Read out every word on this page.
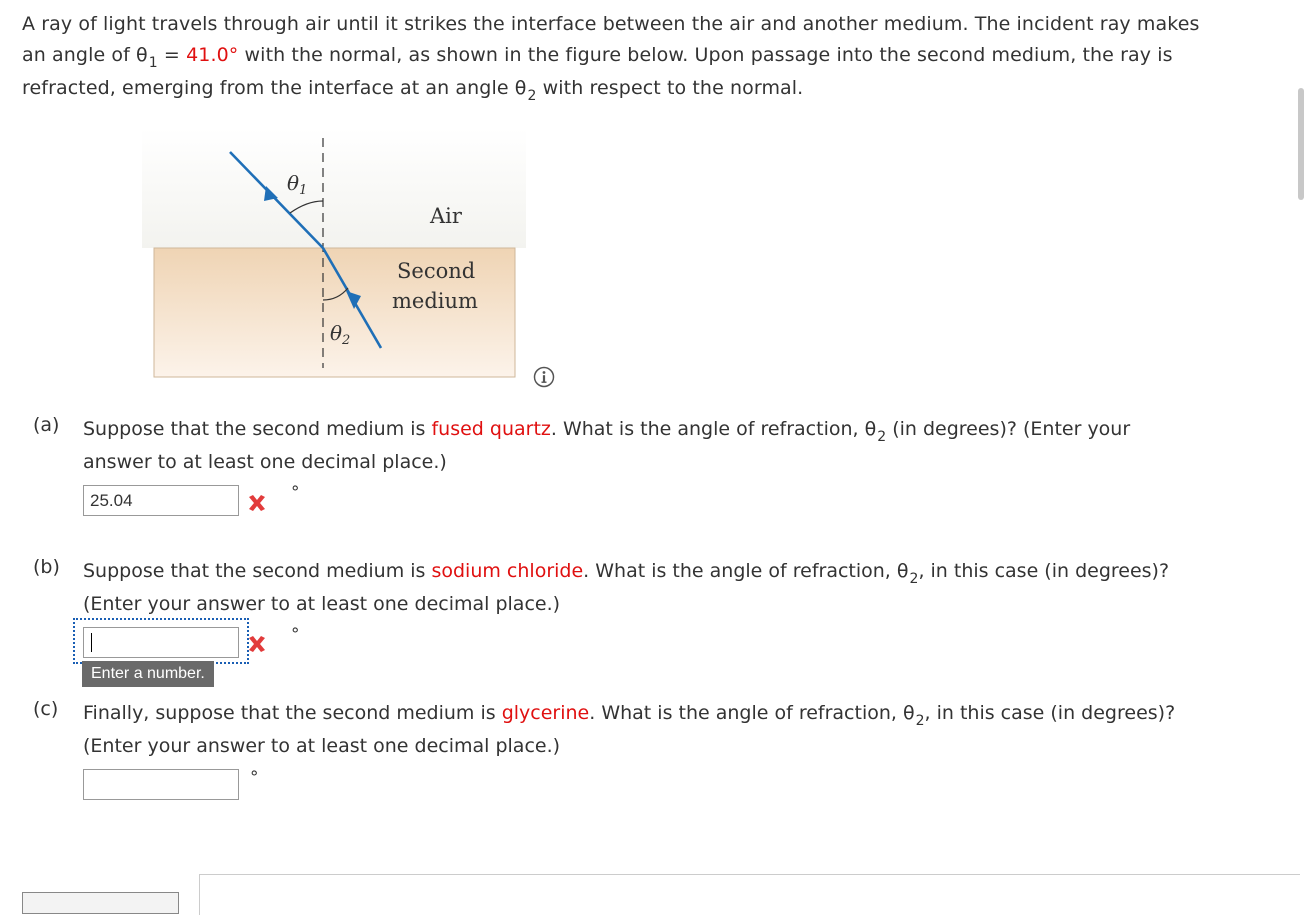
A ray of light travels through air until it strikes the interface between the air and another medium. The incident ray makes
an angle of $\theta_1 = 41.0^\circ$ with the normal, as shown in the figure below. Upon passage into the second medium, the ray is
refracted, emerging from the interface at an angle $\theta_2$ with respect to the normal.
$\theta_1$
$\theta_2$
Air
Second
medium
(a) Suppose that the second medium is fused quartz. What is the angle of refraction, $\theta_2$ (in degrees)? (Enter your
answer to at least one decimal place.)
25.04	°
(b) Suppose that the second medium is sodium chloride. What is the angle of refraction, $\theta_2$, in this case (in degrees)?
(Enter your answer to at least one decimal place.)
°
Enter a number.
(c) Finally, suppose that the second medium is glycerine. What is the angle of refraction, $\theta_2$, in this case (in degrees)?
(Enter your answer to at least one decimal place.)
°
